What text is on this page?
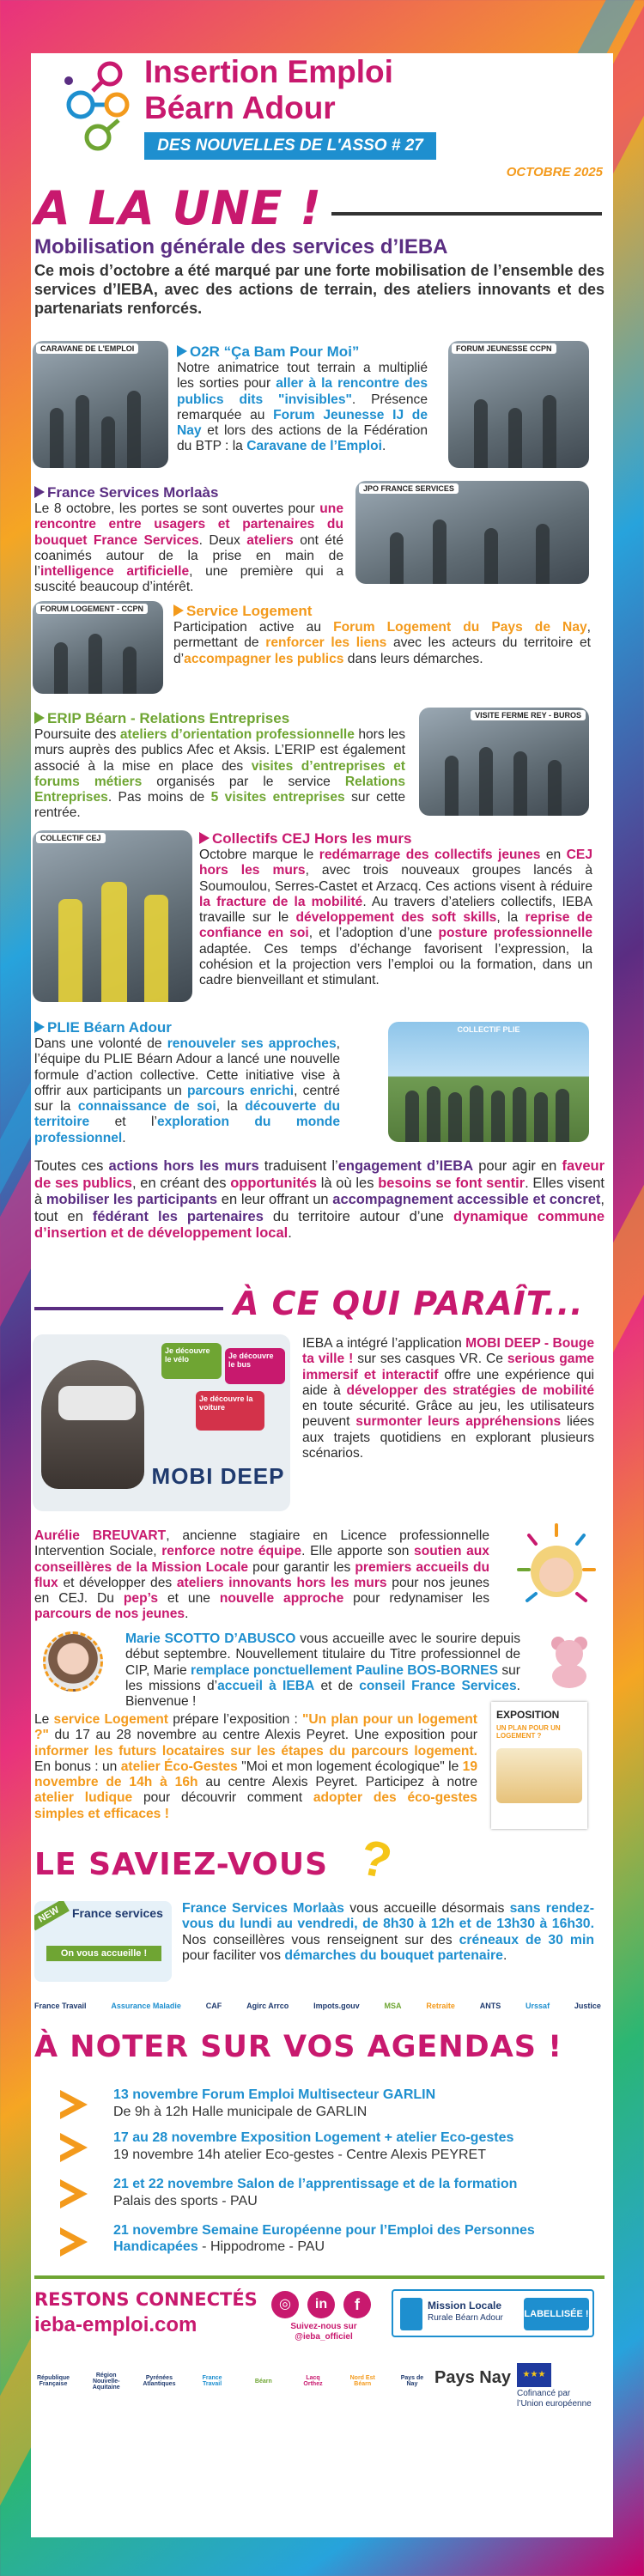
Insertion Emploi
Béarn Adour
DES NOUVELLES DE L'ASSO # 27
OCTOBRE 2025
A LA UNE !
Mobilisation générale des services d’IEBA
Ce mois d’octobre a été marqué par une forte mobilisation de l’ensemble des services d’IEBA, avec des actions de terrain, des ateliers innovants et des partenariats renforcés.
CARAVANE DE L'EMPLOI	O2R “Ça Bam Pour Moi”
Notre animatrice tout terrain a multiplié les sorties pour aller à la rencontre des publics dits "invisibles". Présence remarquée au Forum Jeunesse IJ de Nay et lors des actions de la Fédération du BTP : la Caravane de l’Emploi.
FORUM JEUNESSE CCPN
France Services Morlaàs
Le 8 octobre, les portes se sont ouvertes pour une rencontre entre usagers et partenaires du bouquet France Services. Deux ateliers ont été coanimés autour de la prise en main de l’intelligence artificielle, une première qui a suscité beaucoup d’intérêt.
JPO FRANCE SERVICES
FORUM LOGEMENT - CCPN	Service Logement
Participation active au Forum Logement du Pays de Nay, permettant de renforcer les liens avec les acteurs du territoire et d’accompagner les publics dans leurs démarches.
ERIP Béarn - Relations Entreprises
Poursuite des ateliers d’orientation professionnelle hors les murs auprès des publics Afec et Aksis. L’ERIP est également associé à la mise en place des visites d’entreprises et forums métiers organisés par le service Relations Entreprises. Pas moins de 5 visites entreprises sur cette rentrée.
VISITE FERME REY - BUROS
COLLECTIF CEJ	Collectifs CEJ Hors les murs
Octobre marque le redémarrage des collectifs jeunes en CEJ hors les murs, avec trois nouveaux groupes lancés à Soumoulou, Serres-Castet et Arzacq. Ces actions visent à réduire la fracture de la mobilité. Au travers d’ateliers collectifs, IEBA travaille sur le développement des soft skills, la reprise de confiance en soi, et l’adoption d’une posture professionnelle adaptée. Ces temps d’échange favorisent l’expression, la cohésion et la projection vers l’emploi ou la formation, dans un cadre bienveillant et stimulant.
PLIE Béarn Adour
Dans une volonté de renouveler ses approches, l’équipe du PLIE Béarn Adour a lancé une nouvelle formule d’action collective. Cette initiative vise à offrir aux participants un parcours enrichi, centré sur la connaissance de soi, la découverte du territoire et l’exploration du monde professionnel.
COLLECTIF PLIE
Toutes ces actions hors les murs traduisent l’engagement d’IEBA pour agir en faveur de ses publics, en créant des opportunités là où les besoins se font sentir. Elles visent à mobiliser les participants en leur offrant un accompagnement accessible et concret, tout en fédérant les partenaires du territoire autour d’une dynamique commune d’insertion et de développement local.
À CE QUI PARAÎT...
Je découvre le vélo	Je découvre le bus
Je découvre la voiture
MOBI DEEP
IEBA a intégré l’application MOBI DEEP - Bouge ta ville ! sur ses casques VR. Ce serious game immersif et interactif offre une expérience qui aide à développer des stratégies de mobilité en toute sécurité. Grâce au jeu, les utilisateurs peuvent surmonter leurs appréhensions liées aux trajets quotidiens en explorant plusieurs scénarios.
Aurélie BREUVART, ancienne stagiaire en Licence professionnelle Intervention Sociale, renforce notre équipe. Elle apporte son soutien aux conseillères de la Mission Locale pour garantir les premiers accueils du flux et développer des ateliers innovants hors les murs pour nos jeunes en CEJ. Du pep’s et une nouvelle approche pour redynamiser les parcours de nos jeunes.
Marie SCOTTO D’ABUSCO vous accueille avec le sourire depuis début septembre. Nouvellement titulaire du Titre professionnel de CIP, Marie remplace ponctuellement Pauline BOS-BORNES sur les missions d’accueil à IEBA et de conseil France Services. Bienvenue !
Le service Logement prépare l’exposition : "Un plan pour un logement ?" du 17 au 28 novembre au centre Alexis Peyret. Une exposition pour informer les futurs locataires sur les étapes du parcours logement. En bonus : un atelier Éco-Gestes "Moi et mon logement écologique" le 19 novembre de 14h à 16h au centre Alexis Peyret. Participez à notre atelier ludique pour découvrir comment adopter des éco-gestes simples et efficaces !
EXPOSITION
UN PLAN POUR UN LOGEMENT ?
LE SAVIEZ-VOUS ?
NEW France services
On vous accueille !
France Services Morlaàs vous accueille désormais sans rendez-vous du lundi au vendredi, de 8h30 à 12h et de 13h30 à 16h30. Nos conseillères vous renseignent sur des créneaux de 30 min pour faciliter vos démarches du bouquet partenaire.
France Travail	Assurance Maladie	CAF	Agirc Arrco	Impots.gouv	MSA	Retraite	ANTS	Urssaf	Justice
À NOTER SUR VOS AGENDAS !
13 novembre Forum Emploi Multisecteur GARLIN
De 9h à 12h Halle municipale de GARLIN
17 au 28 novembre Exposition Logement + atelier Eco-gestes
19 novembre 14h atelier Eco-gestes - Centre Alexis PEYRET
21 et 22 novembre Salon de l’apprentissage et de la formation
Palais des sports - PAU
21 novembre Semaine Européenne pour l’Emploi des Personnes Handicapées - Hippodrome - PAU
RESTONS CONNECTÉS
ieba-emploi.com
◎	in	f
Suivez-nous sur
@ieba_officiel
Mission Locale
Rurale Béarn Adour LABELLISÉE !
République Française
Région Nouvelle-Aquitaine
Pyrénées Atlantiques
France Travail	Béarn	Lacq Orthez
Nord Est Béarn
Pays de Nay Pays Nay	★★★
Cofinancé par
l’Union européenne
